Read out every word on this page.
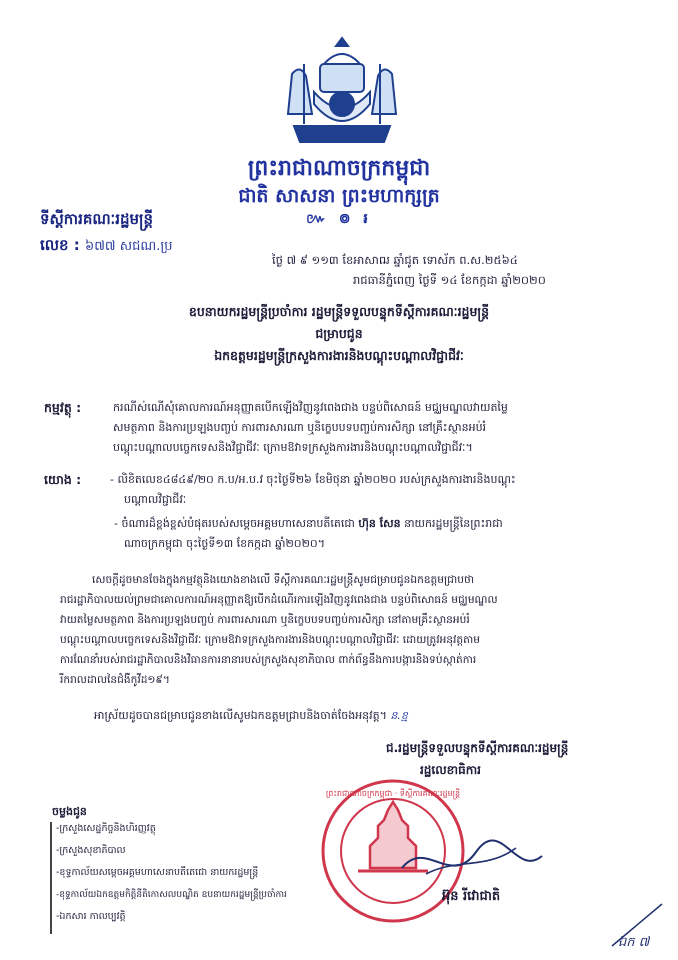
ព្រះរាជាណាចក្រកម្ពុជា
ជាតិ សាសនា ព្រះមហាក្សត្រ
៚ ៙ ៛
ទីស្តីការគណៈរដ្ឋមន្ត្រី
លេខ : ៦៧៧ សជណ.ប្រ
ថ្ងៃ ៧ ៩ ១១៣ ខែអាសាឍ ឆ្នាំជូត ទោស័ក ព.ស.២៥៦៤
រាជធានីភ្នំពេញ ថ្ងៃទី ១៤ ខែកក្កដា ឆ្នាំ២០២០
ឧបនាយករដ្ឋមន្ត្រីប្រចាំការ រដ្ឋមន្ត្រីទទួលបន្ទុកទីស្តីការគណៈរដ្ឋមន្ត្រី
ជម្រាបជូន
ឯកឧត្តមរដ្ឋមន្ត្រីក្រសួងការងារនិងបណ្តុះបណ្តាលវិជ្ជាជីវៈ
កម្មវត្ថុ :	ករណីស់ណើសុំគោលការណ៍អនុញ្ញាតបើកឡើងវិញនូវពេងជាង បន្ទប់ពិសោធន៍ មជ្ឈមណ្ឌលវាយតម្លៃ
សមត្ថភាព និងការប្រឡងបញ្ចប់ ការពារសារណា ឬនិក្ខេបបទបញ្ចប់ការសិក្សា នៅគ្រឹះស្ថានអប់រំ
បណ្តុះបណ្តាលបច្ចេកទេសនិងវិជ្ជាជីវៈ ក្រោមឱវាទក្រសួងការងារនិងបណ្តុះបណ្តាលវិជ្ជាជីវៈ។
យោង :	- លិខិតលេខ៤៨៤៩/២០ ក.ប/អ.ប.វ ចុះថ្ងៃទី២៦ ខែមិថុនា ឆ្នាំ២០២០ របស់ក្រសួងការងារនិងបណ្តុះ
បណ្តាលវិជ្ជាជីវៈ
- ចំណារដ៏ខ្ពង់ខ្ពស់បំផុតរបស់សម្តេចអគ្គមហាសេនាបតីតេជោ ហ៊ុន សែន នាយករដ្ឋមន្ត្រីនៃព្រះរាជា
ណាចក្រកម្ពុជា ចុះថ្ងៃទី១៣ ខែកក្កដា ឆ្នាំ២០២០។
សេចក្តីដូចមានចែងក្នុងកម្មវត្ថុនិងយោងខាងលើ ទីស្តីការគណៈរដ្ឋមន្ត្រីសូមជម្រាបជូនឯកឧត្តមជ្រាបថា
រាជរដ្ឋាភិបាលយល់ព្រមជាគោលការណ៍អនុញ្ញាតឱ្យបើកដំណើរការឡើងវិញនូវពេងជាង បន្ទប់ពិសោធន៍ មជ្ឈមណ្ឌល
វាយតម្លៃសមត្ថភាព និងការប្រឡងបញ្ចប់ ការពារសារណា ឬនិក្ខេបបទបញ្ចប់ការសិក្សា នៅតាមគ្រឹះស្ថានអប់រំ
បណ្តុះបណ្តាលបច្ចេកទេសនិងវិជ្ជាជីវៈ ក្រោមឱវាទក្រសួងការងារនិងបណ្តុះបណ្តាលវិជ្ជាជីវៈ ដោយត្រូវអនុវត្តតាម
ការណែនាំរបស់រាជរដ្ឋាភិបាលនិងវិធានការនានារបស់ក្រសួងសុខាភិបាល ពាក់ព័ន្ធនឹងការបង្ការនិងទប់ស្កាត់ការ
រីករាលដាលនៃជំងឺកូវីដ១៩។
អាស្រ័យដូចបានជម្រាបជូនខាងលើសូមឯកឧត្តមជ្រាបនិងចាត់ចែងអនុវត្ត។ ន.ខ្ម
ជ.រដ្ឋមន្ត្រីទទួលបន្ទុកទីស្តីការគណៈរដ្ឋមន្ត្រី
រដ្ឋលេខាធិការ
ព្រះរាជាណាចក្រកម្ពុជា · ទីស្តីការគណៈរដ្ឋមន្ត្រី
អ៊ុន រីវោជាតិ
ចម្លងជូន
-ក្រសួងសេដ្ឋកិច្ចនិងហិរញ្ញវត្ថុ
-ក្រសួងសុខាភិបាល
-ខុទ្ទកាល័យសម្តេចអគ្គមហាសេនាបតីតេជោ នាយករដ្ឋមន្ត្រី
-ខុទ្ទកាល័យឯកឧត្តមកិត្តិនីតិកោសលបណ្ឌិត ឧបនាយករដ្ឋមន្ត្រីប្រចាំការ
-ឯកសារ កាលប្បវត្តិ
ឯក ៧
